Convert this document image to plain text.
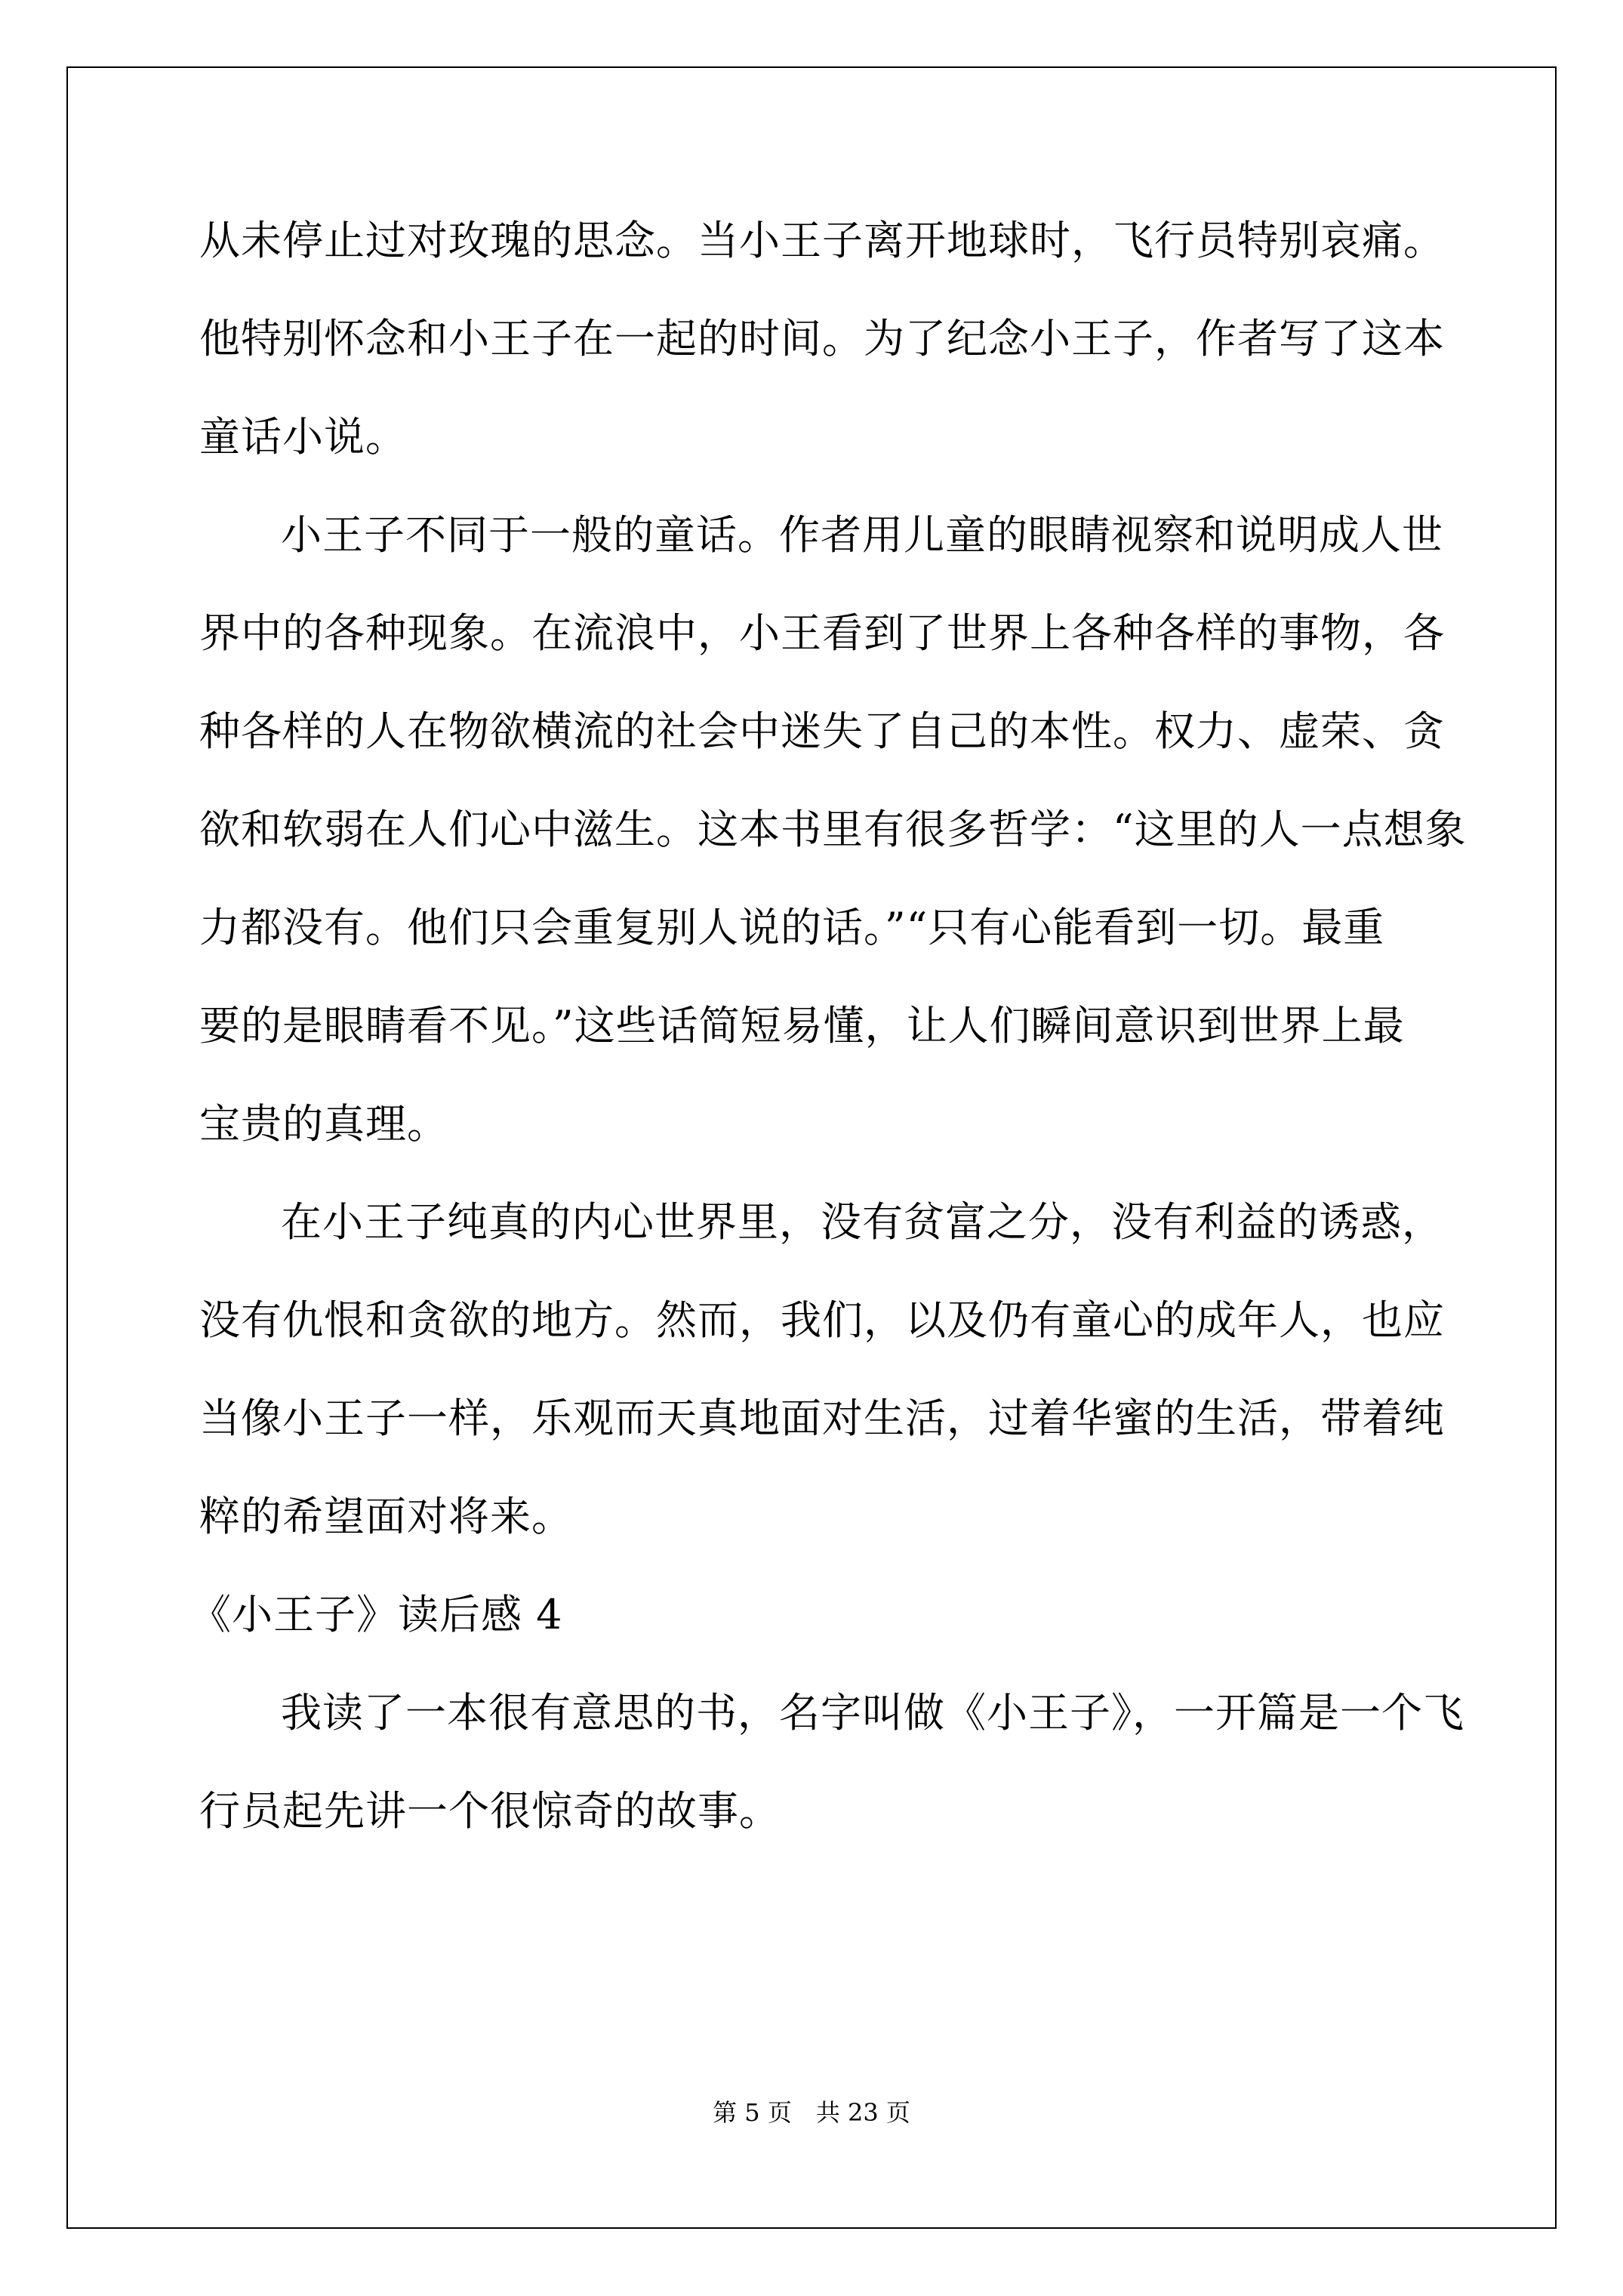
从未停止过对玫瑰的思念。当小王子离开地球时，飞行员特别哀痛。
他特别怀念和小王子在一起的时间。为了纪念小王子，作者写了这本
童话小说。
小王子不同于一般的童话。作者用儿童的眼睛视察和说明成人世
界中的各种现象。在流浪中，小王看到了世界上各种各样的事物，各
种各样的人在物欲横流的社会中迷失了自己的本性。权力、虚荣、贪
欲和软弱在人们心中滋生。这本书里有很多哲学：“这里的人一点想象
力都没有。他们只会重复别人说的话。”“只有心能看到一切。最重
要的是眼睛看不见。”这些话简短易懂，让人们瞬间意识到世界上最
宝贵的真理。
在小王子纯真的内心世界里，没有贫富之分，没有利益的诱惑，
没有仇恨和贪欲的地方。然而，我们，以及仍有童心的成年人，也应
当像小王子一样，乐观而天真地面对生活，过着华蜜的生活，带着纯
粹的希望面对将来。
《小王子》读后感 4
我读了一本很有意思的书，名字叫做《小王子》，一开篇是一个飞
行员起先讲一个很惊奇的故事。
第 5 页　共 23 页
